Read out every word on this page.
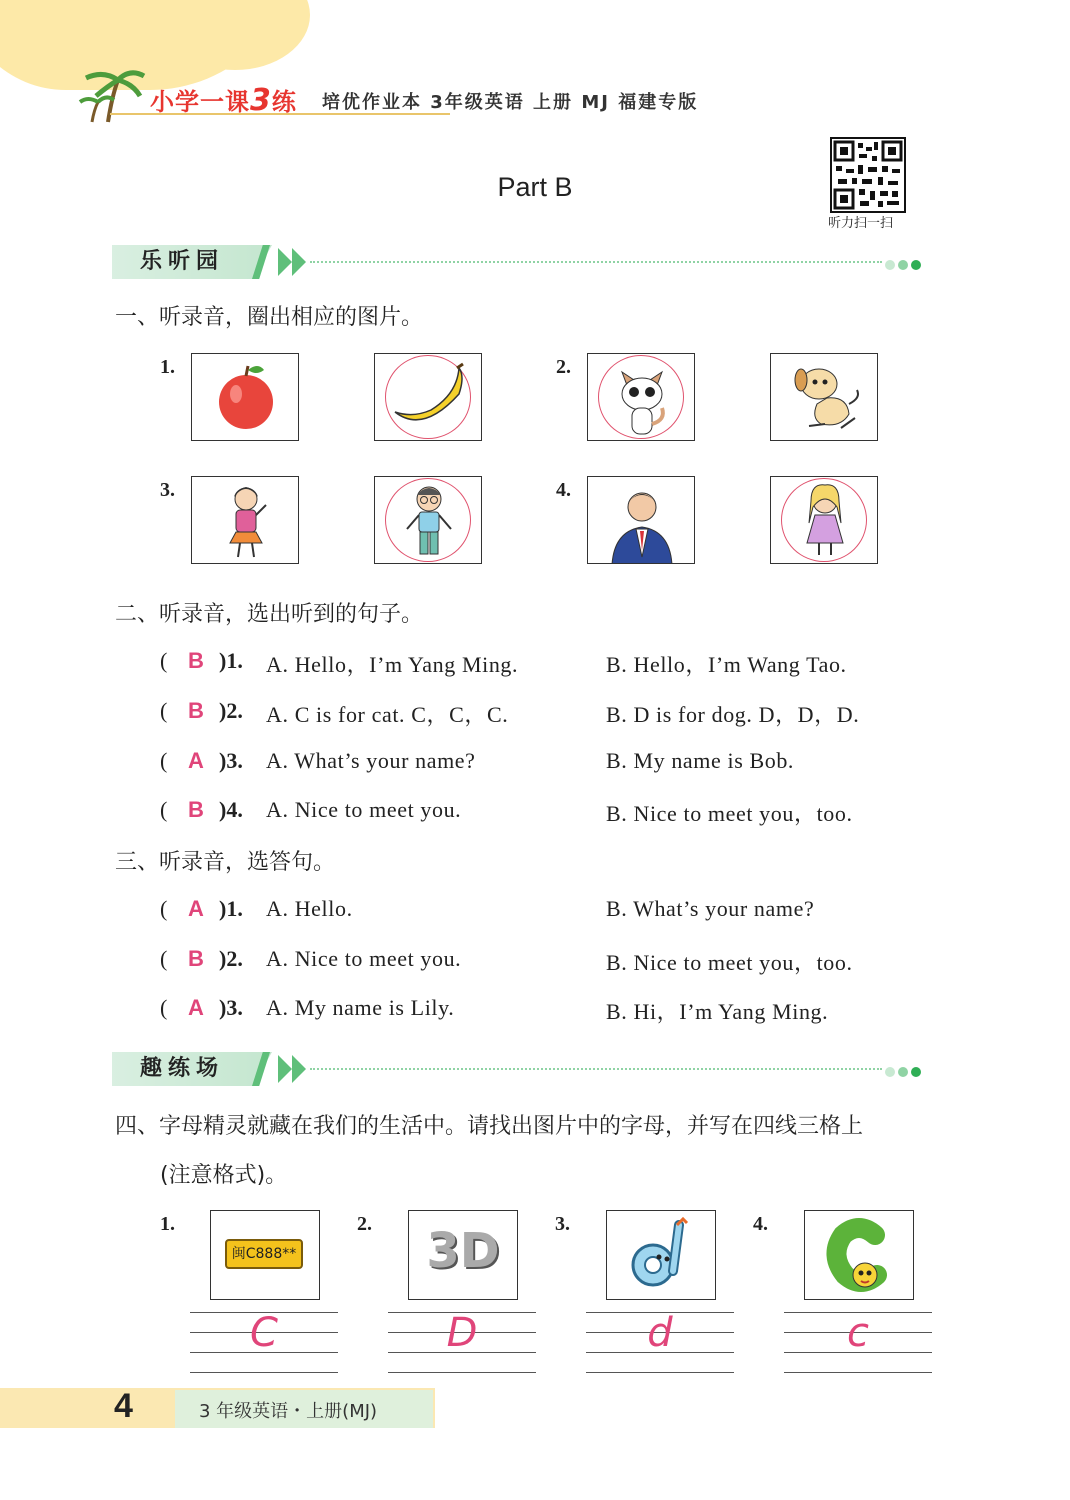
小学一课3练 培优作业本 3年级英语 上册 MJ 福建专版
Part B
听力扫一扫
乐听园
一、听录音，圈出相应的图片。
1.	2.
3.	4.
二、听录音，选出听到的句子。
( B )1. A. Hello，I’m Yang Ming.	B. Hello，I’m Wang Tao.
( B )2. A. C is for cat. C，C，C.	B. D is for dog. D，D，D.
( A )3. A. What’s your name?	B. My name is Bob.
( B )4. A. Nice to meet you.	B. Nice to meet you，too.
三、听录音，选答句。
( A )1. A. Hello.	B. What’s your name?
( B )2. A. Nice to meet you.	B. Nice to meet you，too.
( A )3. A. My name is Lily.	B. Hi，I’m Yang Ming.
趣练场
四、字母精灵就藏在我们的生活中。请找出图片中的字母，并写在四线三格上
(注意格式)。
1.
闽C888**
C
2.	3D
D
3.
d
4.
c
4	3 年级英语・上册(MJ)
